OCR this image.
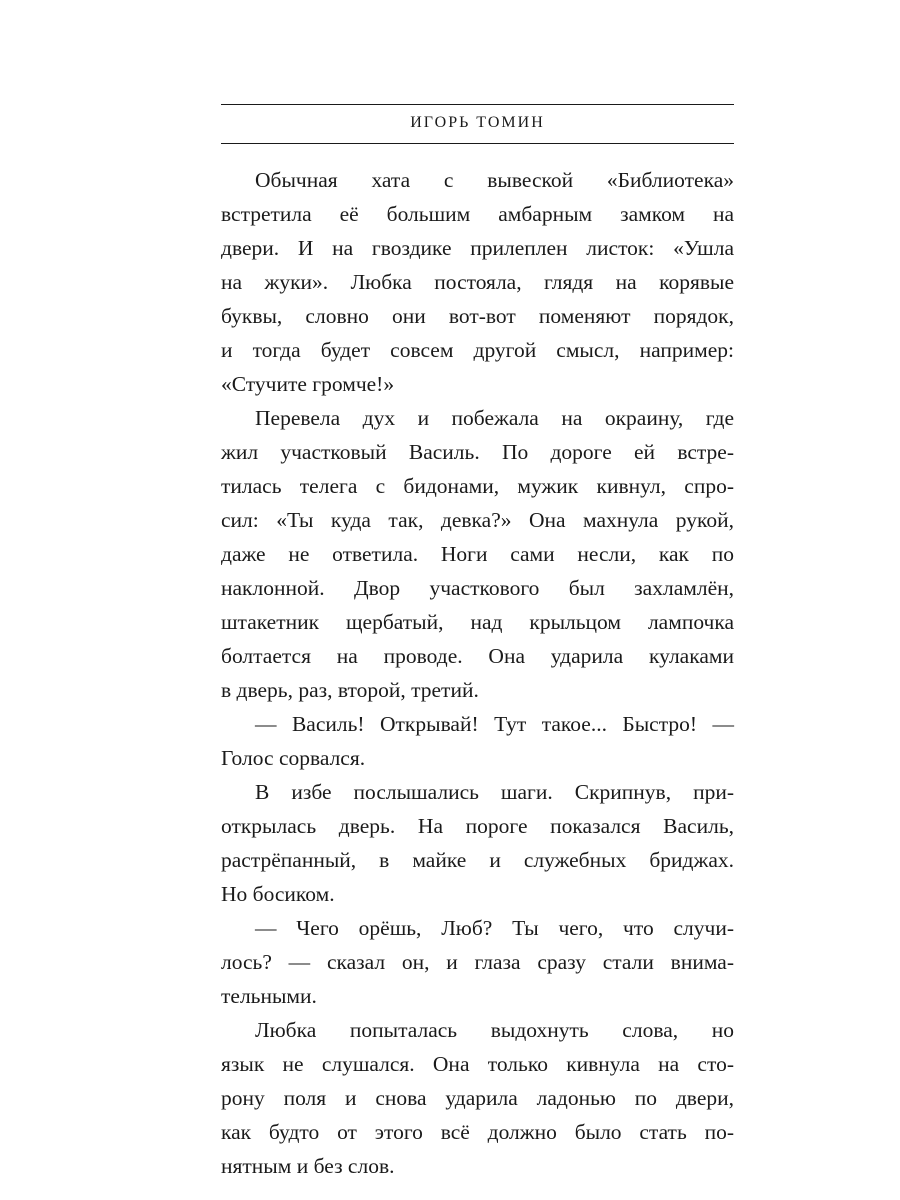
ИГОРЬ ТОМИН
Обычная хата с вывеской «Библиотека»
встретила её большим амбарным замком на
двери. И на гвоздике прилеплен листок: «Ушла
на жуки». Любка постояла, глядя на корявые
буквы, словно они вот-вот поменяют порядок,
и тогда будет совсем другой смысл, например:
«Стучите громче!»
Перевела дух и побежала на окраину, где
жил участковый Василь. По дороге ей встре-
тилась телега с бидонами, мужик кивнул, спро-
сил: «Ты куда так, девка?» Она махнула рукой,
даже не ответила. Ноги сами несли, как по
наклонной. Двор участкового был захламлён,
штакетник щербатый, над крыльцом лампочка
болтается на проводе. Она ударила кулаками
в дверь, раз, второй, третий.
— Василь! Открывай! Тут такое... Быстро! —
Голос сорвался.
В избе послышались шаги. Скрипнув, при-
открылась дверь. На пороге показался Василь,
растрёпанный, в майке и служебных бриджах.
Но босиком.
— Чего орёшь, Люб? Ты чего, что случи-
лось? — сказал он, и глаза сразу стали внима-
тельными.
Любка попыталась выдохнуть слова, но
язык не слушался. Она только кивнула на сто-
рону поля и снова ударила ладонью по двери,
как будто от этого всё должно было стать по-
нятным и без слов.
